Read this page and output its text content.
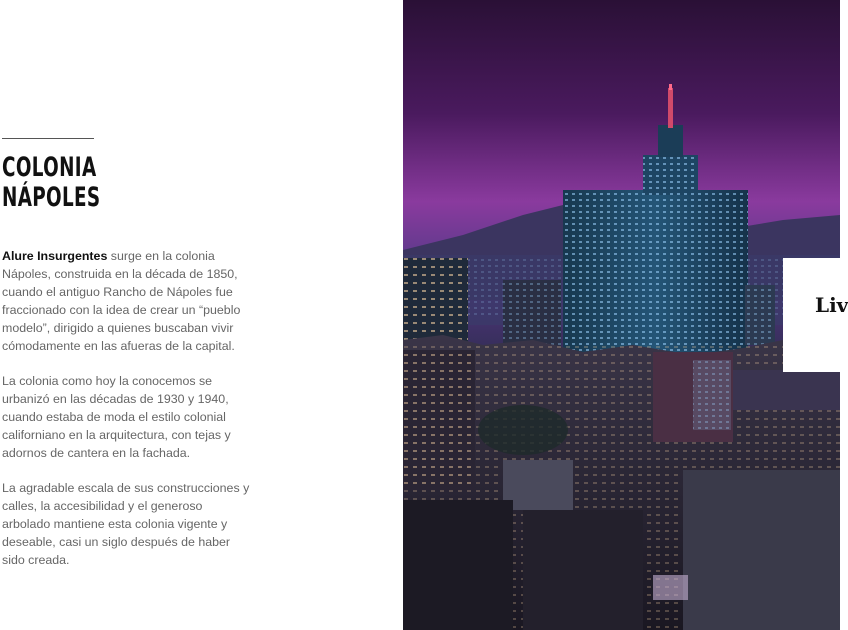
COLONIA
NÁPOLES

Alure Insurgentes surge en la colonia Nápoles, construida en la década de 1850, cuando el antiguo Rancho de Nápoles fue fraccionado con la idea de crear un “pueblo modelo”, dirigido a quienes buscaban vivir cómodamente en las afueras de la capital.

La colonia como hoy la conocemos se urbanizó en las décadas de 1930 y 1940, cuando estaba de moda el estilo colonial californiano en la arquitectura, con tejas y adornos de cantera en la fachada.

La agradable escala de sus construcciones y calles, la accesibilidad y el generoso arbolado mantiene esta colonia vigente y deseable, casi un siglo después de haber sido creada.

Liv
